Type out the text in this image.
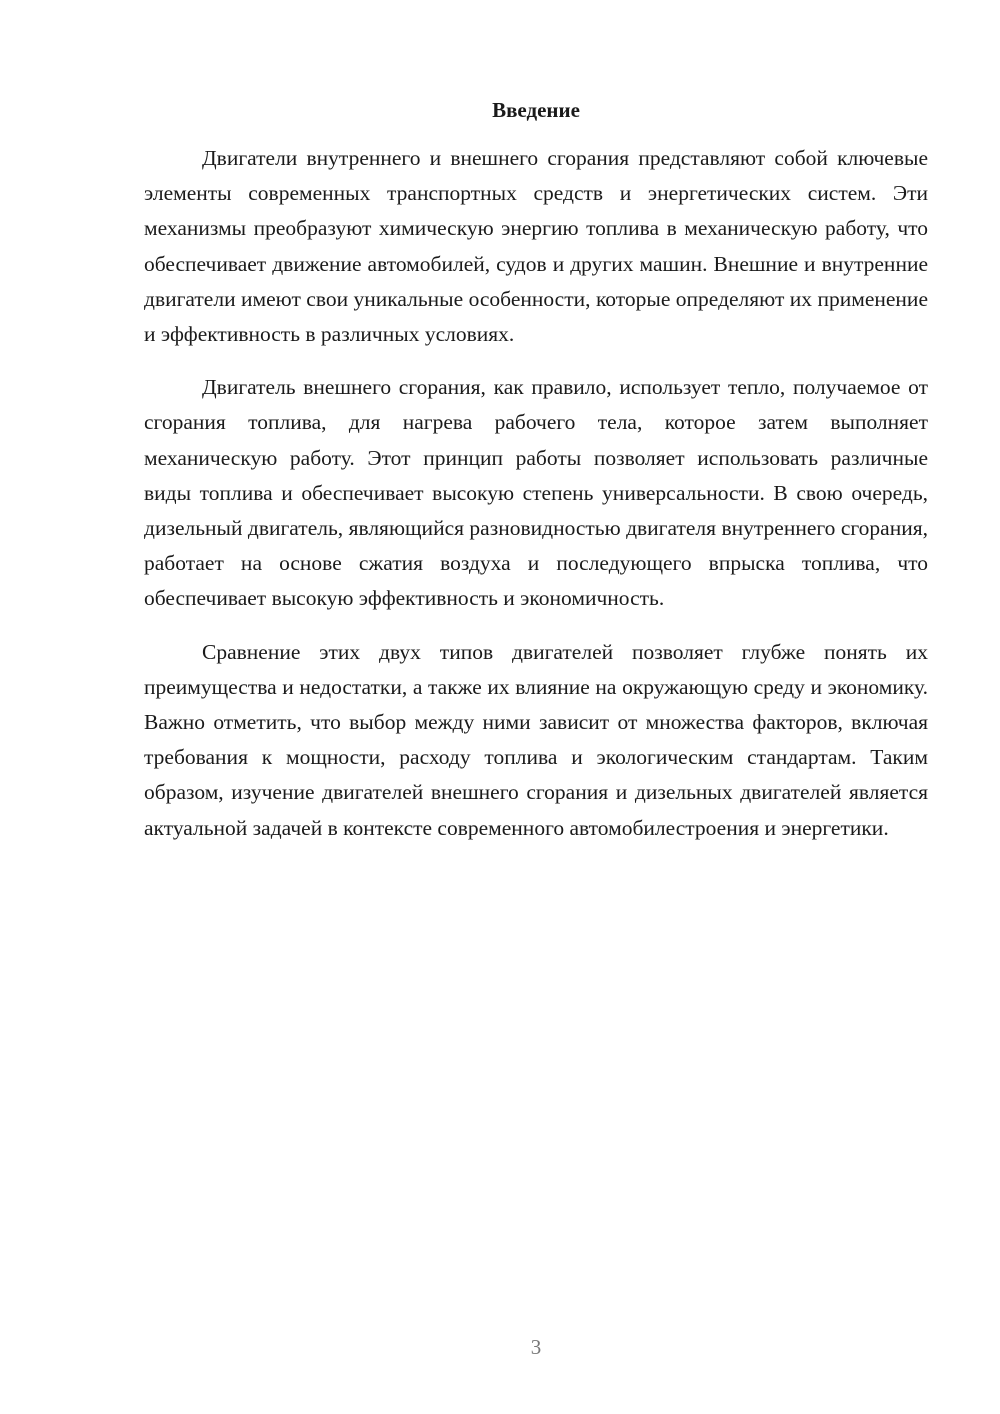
Введение

Двигатели внутреннего и внешнего сгорания представляют собой ключевые элементы современных транспортных средств и энергетических систем. Эти механизмы преобразуют химическую энергию топлива в механическую работу, что обеспечивает движение автомобилей, судов и других машин. Внешние и внутренние двигатели имеют свои уникальные особенности, которые определяют их применение и эффективность в различных условиях.

Двигатель внешнего сгорания, как правило, использует тепло, получаемое от сгорания топлива, для нагрева рабочего тела, которое затем выполняет механическую работу. Этот принцип работы позволяет использовать различные виды топлива и обеспечивает высокую степень универсальности. В свою очередь, дизельный двигатель, являющийся разновидностью двигателя внутреннего сгорания, работает на основе сжатия воздуха и последующего впрыска топлива, что обеспечивает высокую эффективность и экономичность.

Сравнение этих двух типов двигателей позволяет глубже понять их преимущества и недостатки, а также их влияние на окружающую среду и экономику. Важно отметить, что выбор между ними зависит от множества факторов, включая требования к мощности, расходу топлива и экологическим стандартам. Таким образом, изучение двигателей внешнего сгорания и дизельных двигателей является актуальной задачей в контексте современного автомобилестроения и энергетики.

3
